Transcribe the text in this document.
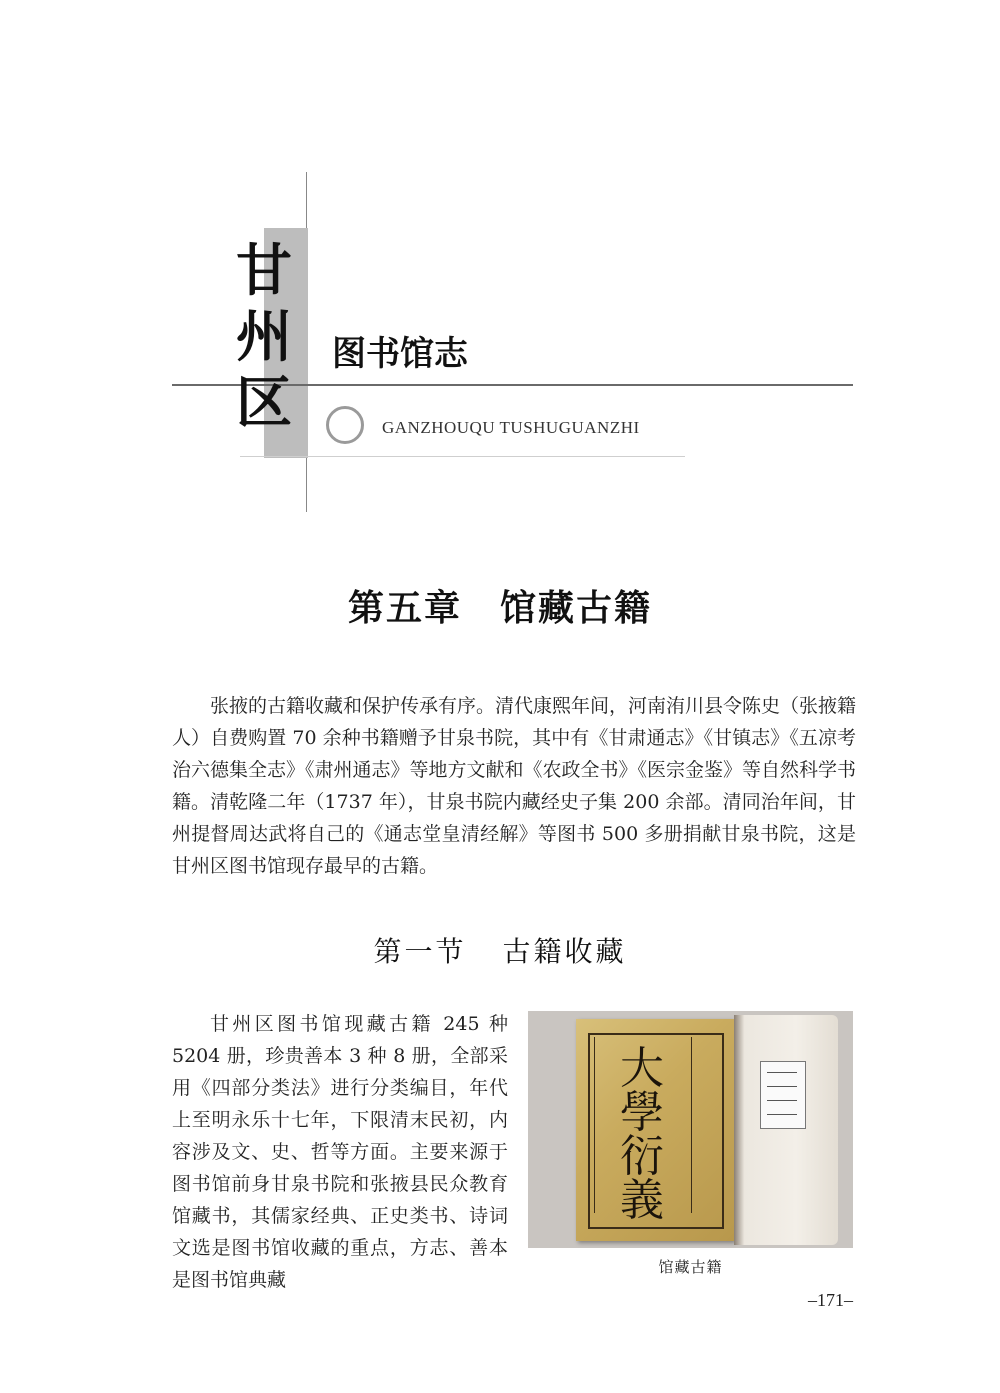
甘
州
区
图书馆志
GANZHOUQU TUSHUGUANZHI
第五章 馆藏古籍

张掖的古籍收藏和保护传承有序。清代康熙年间，河南洧川县令陈史（张掖籍人）自费购置 70 余种书籍赠予甘泉书院，其中有《甘肃通志》《甘镇志》《五凉考治六德集全志》《肃州通志》等地方文献和《农政全书》《医宗金鉴》等自然科学书籍。清乾隆二年（1737 年），甘泉书院内藏经史子集 200 余部。清同治年间，甘州提督周达武将自己的《通志堂皇清经解》等图书 500 多册捐献甘泉书院，这是甘州区图书馆现存最早的古籍。

第一节 古籍收藏

甘州区图书馆现藏古籍 245 种 5204 册，珍贵善本 3 种 8 册，全部采用《四部分类法》进行分类编目，年代上至明永乐十七年，下限清末民初，内容涉及文、史、哲等方面。主要来源于图书馆前身甘泉书院和张掖县民众教育馆藏书，其儒家经典、正史类书、诗词文选是图书馆收藏的重点，方志、善本是图书馆典藏

大
學
衍
義
馆藏古籍
–171–
